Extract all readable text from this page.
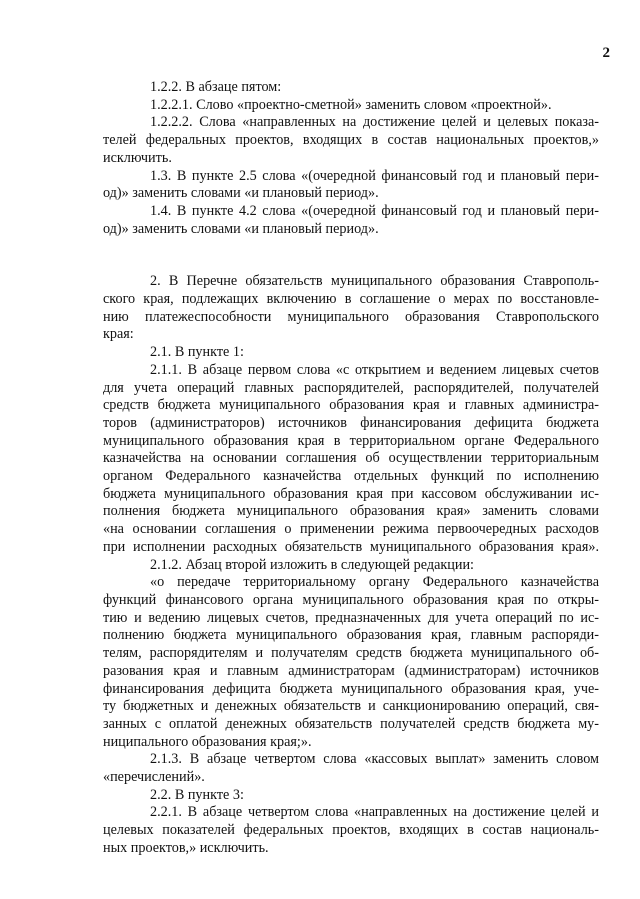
2
1.2.2. В абзаце пятом:
1.2.2.1. Слово «проектно-сметной» заменить словом «проектной».
1.2.2.2. Слова «направленных на достижение целей и целевых показа-
телей федеральных проектов, входящих в состав национальных проектов,»
исключить.
1.3. В пункте 2.5 слова «(очередной финансовый год и плановый пери-
од)» заменить словами «и плановый период».
1.4. В пункте 4.2 слова «(очередной финансовый год и плановый пери-
од)» заменить словами «и плановый период».
2. В Перечне обязательств муниципального образования Ставрополь-
ского края, подлежащих включению в соглашение о мерах по восстановле-
нию платежеспособности муниципального образования Ставропольского
края:
2.1. В пункте 1:
2.1.1. В абзаце первом слова «с открытием и ведением лицевых счетов
для учета операций главных распорядителей, распорядителей, получателей
средств бюджета муниципального образования края и главных администра-
торов (администраторов) источников финансирования дефицита бюджета
муниципального образования края в территориальном органе Федерального
казначейства на основании соглашения об осуществлении территориальным
органом Федерального казначейства отдельных функций по исполнению
бюджета муниципального образования края при кассовом обслуживании ис-
полнения бюджета муниципального образования края» заменить словами
«на основании соглашения о применении режима первоочередных расходов
при исполнении расходных обязательств муниципального образования края».
2.1.2. Абзац второй изложить в следующей редакции:
«о передаче территориальному органу Федерального казначейства
функций финансового органа муниципального образования края по откры-
тию и ведению лицевых счетов, предназначенных для учета операций по ис-
полнению бюджета муниципального образования края, главным распоряди-
телям, распорядителям и получателям средств бюджета муниципального об-
разования края и главным администраторам (администраторам) источников
финансирования дефицита бюджета муниципального образования края, уче-
ту бюджетных и денежных обязательств и санкционированию операций, свя-
занных с оплатой денежных обязательств получателей средств бюджета му-
ниципального образования края;».
2.1.3. В абзаце четвертом слова «кассовых выплат» заменить словом
«перечислений».
2.2. В пункте 3:
2.2.1. В абзаце четвертом слова «направленных на достижение целей и
целевых показателей федеральных проектов, входящих в состав националь-
ных проектов,» исключить.
